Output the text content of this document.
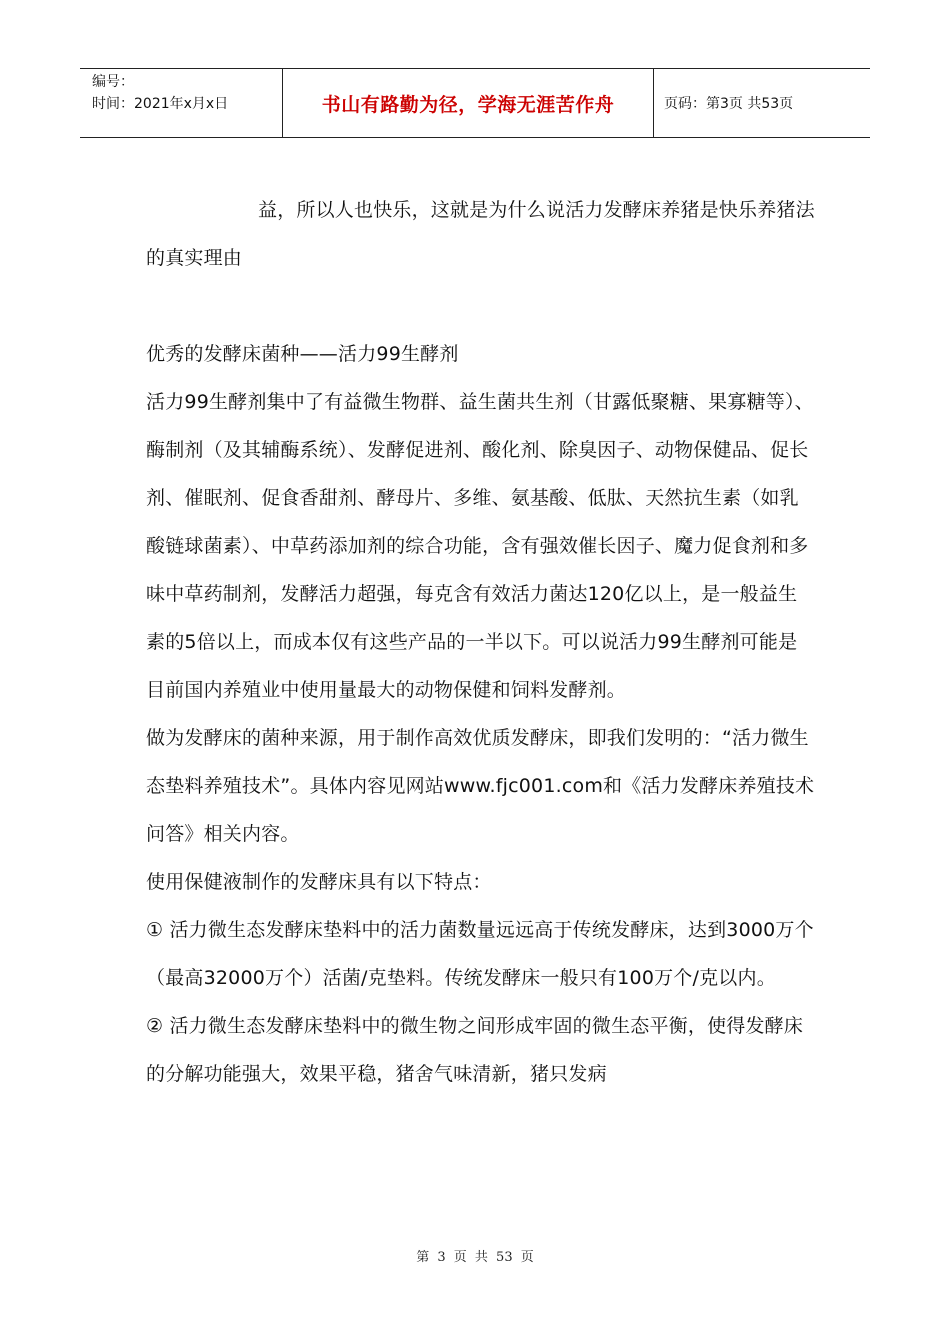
编号：
时间：2021年x月x日	书山有路勤为径，学海无涯苦作舟	页码：第3页 共53页

益，所以人也快乐，这就是为什么说活力发酵床养猪是快乐养猪法的真实理由

优秀的发酵床菌种——活力99生酵剂

活力99生酵剂集中了有益微生物群、益生菌共生剂（甘露低聚糖、果寡糖等）、酶制剂（及其辅酶系统）、发酵促进剂、酸化剂、除臭因子、动物保健品、促长剂、催眠剂、促食香甜剂、酵母片、多维、氨基酸、低肽、天然抗生素（如乳酸链球菌素）、中草药添加剂的综合功能，含有强效催长因子、魔力促食剂和多味中草药制剂，发酵活力超强，每克含有效活力菌达120亿以上，是一般益生素的5倍以上，而成本仅有这些产品的一半以下。可以说活力99生酵剂可能是目前国内养殖业中使用量最大的动物保健和饲料发酵剂。

做为发酵床的菌种来源，用于制作高效优质发酵床，即我们发明的：“活力微生态垫料养殖技术”。具体内容见网站www.fjc001.com和《活力发酵床养殖技术问答》相关内容。

使用保健液制作的发酵床具有以下特点：

① 活力微生态发酵床垫料中的活力菌数量远远高于传统发酵床，达到3000万个（最高32000万个）活菌/克垫料。传统发酵床一般只有100万个/克以内。

② 活力微生态发酵床垫料中的微生物之间形成牢固的微生态平衡，使得发酵床的分解功能强大，效果平稳，猪舍气味清新，猪只发病

第 3 页 共 53 页
